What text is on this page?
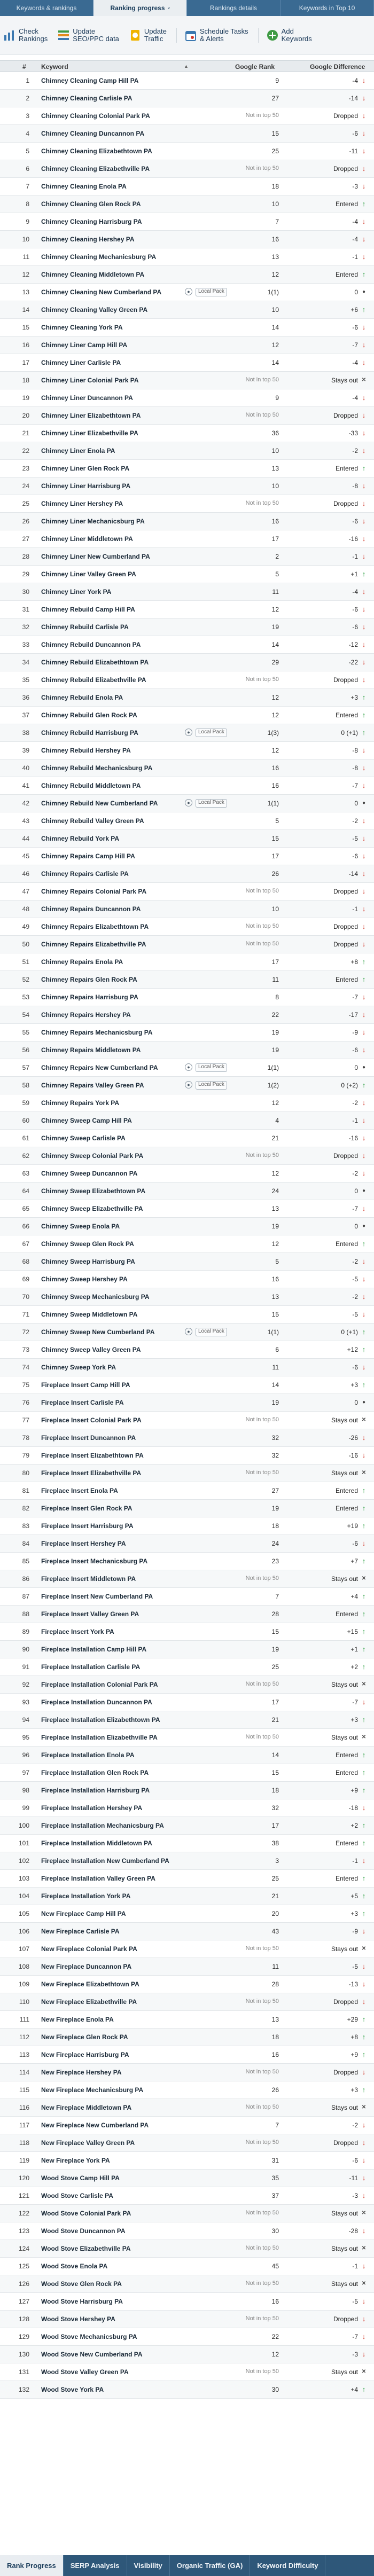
Keywords & rankings	Ranking progress ›	Rankings details	Keywords in Top 10
Check
Rankings
Update
SEO/PPC data
Update
Traffic
Schedule Tasks
& Alerts
Add
Keywords
# Keyword	▲	Google Rank	Google Difference
1 Chimney Cleaning Camp Hill PA	9	-4 ↓
2 Chimney Cleaning Carlisle PA	27	-14 ↓
3 Chimney Cleaning Colonial Park PA	Not in top 50	Dropped ↓
4 Chimney Cleaning Duncannon PA	15	-6 ↓
5 Chimney Cleaning Elizabethtown PA	25	-11 ↓
6 Chimney Cleaning Elizabethville PA	Not in top 50	Dropped ↓
7 Chimney Cleaning Enola PA	18	-3 ↓
8 Chimney Cleaning Glen Rock PA	10	Entered ↑
9 Chimney Cleaning Harrisburg PA	7	-4 ↓
10 Chimney Cleaning Hershey PA	16	-4 ↓
11 Chimney Cleaning Mechanicsburg PA	13	-1 ↓
12 Chimney Cleaning Middletown PA	12	Entered ↑
13 Chimney Cleaning New Cumberland PA	●	Local Pack	1(1)	0 ●
14 Chimney Cleaning Valley Green PA	10	+6 ↑
15 Chimney Cleaning York PA	14	-6 ↓
16 Chimney Liner Camp Hill PA	12	-7 ↓
17 Chimney Liner Carlisle PA	14	-4 ↓
18 Chimney Liner Colonial Park PA	Not in top 50	Stays out ✕
19 Chimney Liner Duncannon PA	9	-4 ↓
20 Chimney Liner Elizabethtown PA	Not in top 50	Dropped ↓
21 Chimney Liner Elizabethville PA	36	-33 ↓
22 Chimney Liner Enola PA	10	-2 ↓
23 Chimney Liner Glen Rock PA	13	Entered ↑
24 Chimney Liner Harrisburg PA	10	-8 ↓
25 Chimney Liner Hershey PA	Not in top 50	Dropped ↓
26 Chimney Liner Mechanicsburg PA	16	-6 ↓
27 Chimney Liner Middletown PA	17	-16 ↓
28 Chimney Liner New Cumberland PA	2	-1 ↓
29 Chimney Liner Valley Green PA	5	+1 ↑
30 Chimney Liner York PA	11	-4 ↓
31 Chimney Rebuild Camp Hill PA	12	-6 ↓
32 Chimney Rebuild Carlisle PA	19	-6 ↓
33 Chimney Rebuild Duncannon PA	14	-12 ↓
34 Chimney Rebuild Elizabethtown PA	29	-22 ↓
35 Chimney Rebuild Elizabethville PA	Not in top 50	Dropped ↓
36 Chimney Rebuild Enola PA	12	+3 ↑
37 Chimney Rebuild Glen Rock PA	12	Entered ↑
38 Chimney Rebuild Harrisburg PA	●	Local Pack	1(3)	0 (+1) ↑
39 Chimney Rebuild Hershey PA	12	-8 ↓
40 Chimney Rebuild Mechanicsburg PA	16	-8 ↓
41 Chimney Rebuild Middletown PA	16	-7 ↓
42 Chimney Rebuild New Cumberland PA	●	Local Pack	1(1)	0 ●
43 Chimney Rebuild Valley Green PA	5	-2 ↓
44 Chimney Rebuild York PA	15	-5 ↓
45 Chimney Repairs Camp Hill PA	17	-6 ↓
46 Chimney Repairs Carlisle PA	26	-14 ↓
47 Chimney Repairs Colonial Park PA	Not in top 50	Dropped ↓
48 Chimney Repairs Duncannon PA	10	-1 ↓
49 Chimney Repairs Elizabethtown PA	Not in top 50	Dropped ↓
50 Chimney Repairs Elizabethville PA	Not in top 50	Dropped ↓
51 Chimney Repairs Enola PA	17	+8 ↑
52 Chimney Repairs Glen Rock PA	11	Entered ↑
53 Chimney Repairs Harrisburg PA	8	-7 ↓
54 Chimney Repairs Hershey PA	22	-17 ↓
55 Chimney Repairs Mechanicsburg PA	19	-9 ↓
56 Chimney Repairs Middletown PA	19	-6 ↓
57 Chimney Repairs New Cumberland PA	●	Local Pack	1(1)	0 ●
58 Chimney Repairs Valley Green PA	●	Local Pack	1(2)	0 (+2) ↑
59 Chimney Repairs York PA	12	-2 ↓
60 Chimney Sweep Camp Hill PA	4	-1 ↓
61 Chimney Sweep Carlisle PA	21	-16 ↓
62 Chimney Sweep Colonial Park PA	Not in top 50	Dropped ↓
63 Chimney Sweep Duncannon PA	12	-2 ↓
64 Chimney Sweep Elizabethtown PA	24	0 ●
65 Chimney Sweep Elizabethville PA	13	-7 ↓
66 Chimney Sweep Enola PA	19	0 ●
67 Chimney Sweep Glen Rock PA	12	Entered ↑
68 Chimney Sweep Harrisburg PA	5	-2 ↓
69 Chimney Sweep Hershey PA	16	-5 ↓
70 Chimney Sweep Mechanicsburg PA	13	-2 ↓
71 Chimney Sweep Middletown PA	15	-5 ↓
72 Chimney Sweep New Cumberland PA	●	Local Pack	1(1)	0 (+1) ↑
73 Chimney Sweep Valley Green PA	6	+12 ↑
74 Chimney Sweep York PA	11	-6 ↓
75 Fireplace Insert Camp Hill PA	14	+3 ↑
76 Fireplace Insert Carlisle PA	19	0 ●
77 Fireplace Insert Colonial Park PA	Not in top 50	Stays out ✕
78 Fireplace Insert Duncannon PA	32	-26 ↓
79 Fireplace Insert Elizabethtown PA	32	-16 ↓
80 Fireplace Insert Elizabethville PA	Not in top 50	Stays out ✕
81 Fireplace Insert Enola PA	27	Entered ↑
82 Fireplace Insert Glen Rock PA	19	Entered ↑
83 Fireplace Insert Harrisburg PA	18	+19 ↑
84 Fireplace Insert Hershey PA	24	-6 ↓
85 Fireplace Insert Mechanicsburg PA	23	+7 ↑
86 Fireplace Insert Middletown PA	Not in top 50	Stays out ✕
87 Fireplace Insert New Cumberland PA	7	+4 ↑
88 Fireplace Insert Valley Green PA	28	Entered ↑
89 Fireplace Insert York PA	15	+15 ↑
90 Fireplace Installation Camp Hill PA	19	+1 ↑
91 Fireplace Installation Carlisle PA	25	+2 ↑
92 Fireplace Installation Colonial Park PA	Not in top 50	Stays out ✕
93 Fireplace Installation Duncannon PA	17	-7 ↓
94 Fireplace Installation Elizabethtown PA	21	+3 ↑
95 Fireplace Installation Elizabethville PA	Not in top 50	Stays out ✕
96 Fireplace Installation Enola PA	14	Entered ↑
97 Fireplace Installation Glen Rock PA	15	Entered ↑
98 Fireplace Installation Harrisburg PA	18	+9 ↑
99 Fireplace Installation Hershey PA	32	-18 ↓
100 Fireplace Installation Mechanicsburg PA	17	+2 ↑
101 Fireplace Installation Middletown PA	38	Entered ↑
102 Fireplace Installation New Cumberland PA	3	-1 ↓
103 Fireplace Installation Valley Green PA	25	Entered ↑
104 Fireplace Installation York PA	21	+5 ↑
105 New Fireplace Camp Hill PA	20	+3 ↑
106 New Fireplace Carlisle PA	43	-9 ↓
107 New Fireplace Colonial Park PA	Not in top 50	Stays out ✕
108 New Fireplace Duncannon PA	11	-5 ↓
109 New Fireplace Elizabethtown PA	28	-13 ↓
110 New Fireplace Elizabethville PA	Not in top 50	Dropped ↓
111 New Fireplace Enola PA	13	+29 ↑
112 New Fireplace Glen Rock PA	18	+8 ↑
113 New Fireplace Harrisburg PA	16	+9 ↑
114 New Fireplace Hershey PA	Not in top 50	Dropped ↓
115 New Fireplace Mechanicsburg PA	26	+3 ↑
116 New Fireplace Middletown PA	Not in top 50	Stays out ✕
117 New Fireplace New Cumberland PA	7	-2 ↓
118 New Fireplace Valley Green PA	Not in top 50	Dropped ↓
119 New Fireplace York PA	31	-6 ↓
120 Wood Stove Camp Hill PA	35	-11 ↓
121 Wood Stove Carlisle PA	37	-3 ↓
122 Wood Stove Colonial Park PA	Not in top 50	Stays out ✕
123 Wood Stove Duncannon PA	30	-28 ↓
124 Wood Stove Elizabethville PA	Not in top 50	Stays out ✕
125 Wood Stove Enola PA	45	-1 ↓
126 Wood Stove Glen Rock PA	Not in top 50	Stays out ✕
127 Wood Stove Harrisburg PA	16	-5 ↓
128 Wood Stove Hershey PA	Not in top 50	Dropped ↓
129 Wood Stove Mechanicsburg PA	22	-7 ↓
130 Wood Stove New Cumberland PA	12	-3 ↓
131 Wood Stove Valley Green PA	Not in top 50	Stays out ✕
132 Wood Stove York PA	30	+4 ↑
Rank Progress SERP Analysis Visibility Organic Traffic (GA) Keyword Difficulty
